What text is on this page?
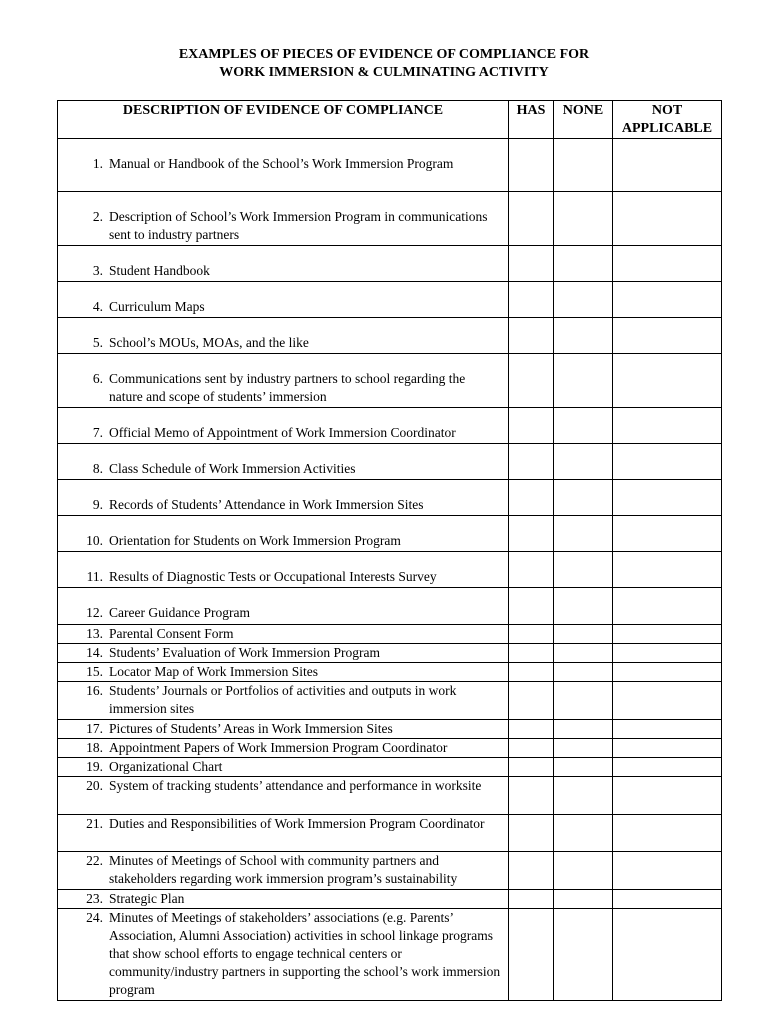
EXAMPLES OF PIECES OF EVIDENCE OF COMPLIANCE FOR
WORK IMMERSION & CULMINATING ACTIVITY
DESCRIPTION OF EVIDENCE OF COMPLIANCE	HAS	NONE	NOT APPLICABLE

1. Manual or Handbook of the School’s Work Immersion Program			

2. Description of School’s Work Immersion Program in communications sent to industry partners			

3. Student Handbook			

4. Curriculum Maps			

5. School’s MOUs, MOAs, and the like			

6. Communications sent by industry partners to school regarding the nature and scope of students’ immersion			

7. Official Memo of Appointment of Work Immersion Coordinator			

8. Class Schedule of Work Immersion Activities			

9. Records of Students’ Attendance in Work Immersion Sites			

10. Orientation for Students on Work Immersion Program			

11. Results of Diagnostic Tests or Occupational Interests Survey			

12. Career Guidance Program			

13. Parental Consent Form			

14. Students’ Evaluation of Work Immersion Program			

15. Locator Map of Work Immersion Sites			

16. Students’ Journals or Portfolios of activities and outputs in work immersion sites			

17. Pictures of Students’ Areas in Work Immersion Sites			

18. Appointment Papers of Work Immersion Program Coordinator			

19. Organizational Chart			

20. System of tracking students’ attendance and performance in worksite			

21. Duties and Responsibilities of Work Immersion Program Coordinator			

22. Minutes of Meetings of School with community partners and stakeholders regarding work immersion program’s sustainability			

23. Strategic Plan			

24. Minutes of Meetings of stakeholders’ associations (e.g. Parents’ Association, Alumni Association) activities in school linkage programs that show school efforts to engage technical centers or community/industry partners in supporting the school’s work immersion program			
